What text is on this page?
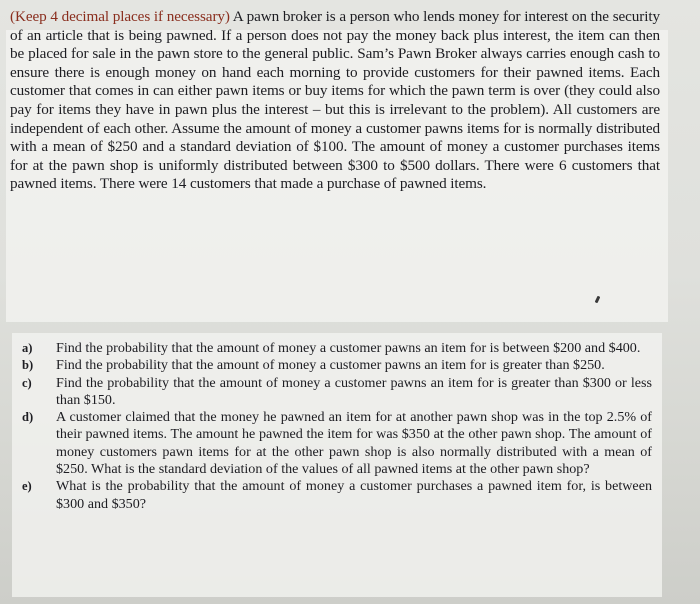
(Keep 4 decimal places if necessary) A pawn broker is a person who lends money for interest on the security of an article that is being pawned. If a person does not pay the money back plus interest, the item can then be placed for sale in the pawn store to the general public. Sam’s Pawn Broker always carries enough cash to ensure there is enough money on hand each morning to provide customers for their pawned items. Each customer that comes in can either pawn items or buy items for which the pawn term is over (they could also pay for items they have in pawn plus the interest – but this is irrelevant to the problem). All customers are independent of each other. Assume the amount of money a customer pawns items for is normally distributed with a mean of $250 and a standard deviation of $100. The amount of money a customer purchases items for at the pawn shop is uniformly distributed between $300 to $500 dollars. There were 6 customers that pawned items. There were 14 customers that made a purchase of pawned items.

a)	Find the probability that the amount of money a customer pawns an item for is between $200 and $400.
b)	Find the probability that the amount of money a customer pawns an item for is greater than $250.
c)	Find the probability that the amount of money a customer pawns an item for is greater than $300 or less than $150.
d)	A customer claimed that the money he pawned an item for at another pawn shop was in the top 2.5% of their pawned items. The amount he pawned the item for was $350 at the other pawn shop. The amount of money customers pawn items for at the other pawn shop is also normally distributed with a mean of $250. What is the standard deviation of the values of all pawned items at the other pawn shop?
e)	What is the probability that the amount of money a customer purchases a pawned item for, is between $300 and $350?
